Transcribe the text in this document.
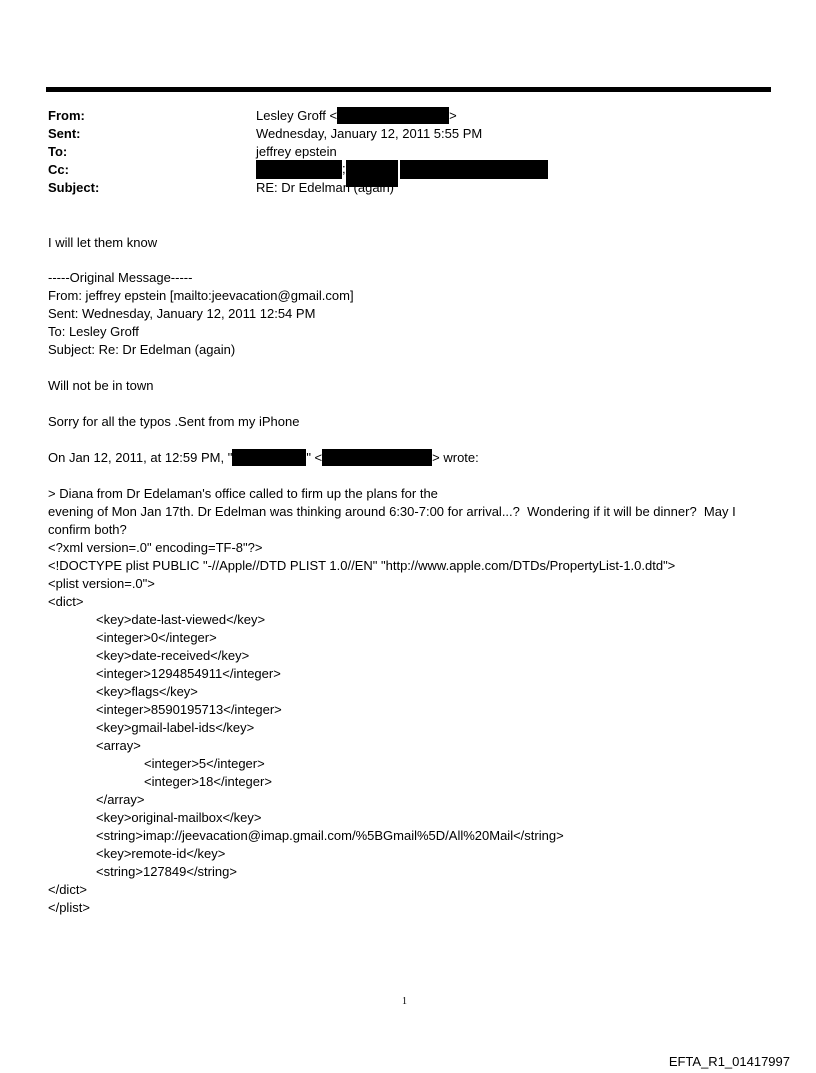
From:	Lesley Groff <	>
Sent:	Wednesday, January 12, 2011 5:55 PM
To:	jeffrey epstein
Cc:	;
Subject:	RE: Dr Edelman (again)
I will let them know
-----Original Message-----
From: jeffrey epstein [mailto:jeevacation@gmail.com]
Sent: Wednesday, January 12, 2011 12:54 PM
To: Lesley Groff
Subject: Re: Dr Edelman (again)
Will not be in town
Sorry for all the typos .Sent from my iPhone
On Jan 12, 2011, at 12:59 PM, "	" <	> wrote:
> Diana from Dr Edelaman's office called to firm up the plans for the
evening of Mon Jan 17th. Dr Edelman was thinking around 6:30-7:00 for arrival...?  Wondering if it will be dinner?  May I
confirm both?
<?xml version=.0" encoding=TF-8"?>
<!DOCTYPE plist PUBLIC "-//Apple//DTD PLIST 1.0//EN" "http://www.apple.com/DTDs/PropertyList-1.0.dtd">
<plist version=.0">
<dict>
<key>date-last-viewed</key>
<integer>0</integer>
<key>date-received</key>
<integer>1294854911</integer>
<key>flags</key>
<integer>8590195713</integer>
<key>gmail-label-ids</key>
<array>
<integer>5</integer>
<integer>18</integer>
</array>
<key>original-mailbox</key>
<string>imap://jeevacation@imap.gmail.com/%5BGmail%5D/All%20Mail</string>
<key>remote-id</key>
<string>127849</string>
</dict>
</plist>
1
EFTA_R1_01417997
